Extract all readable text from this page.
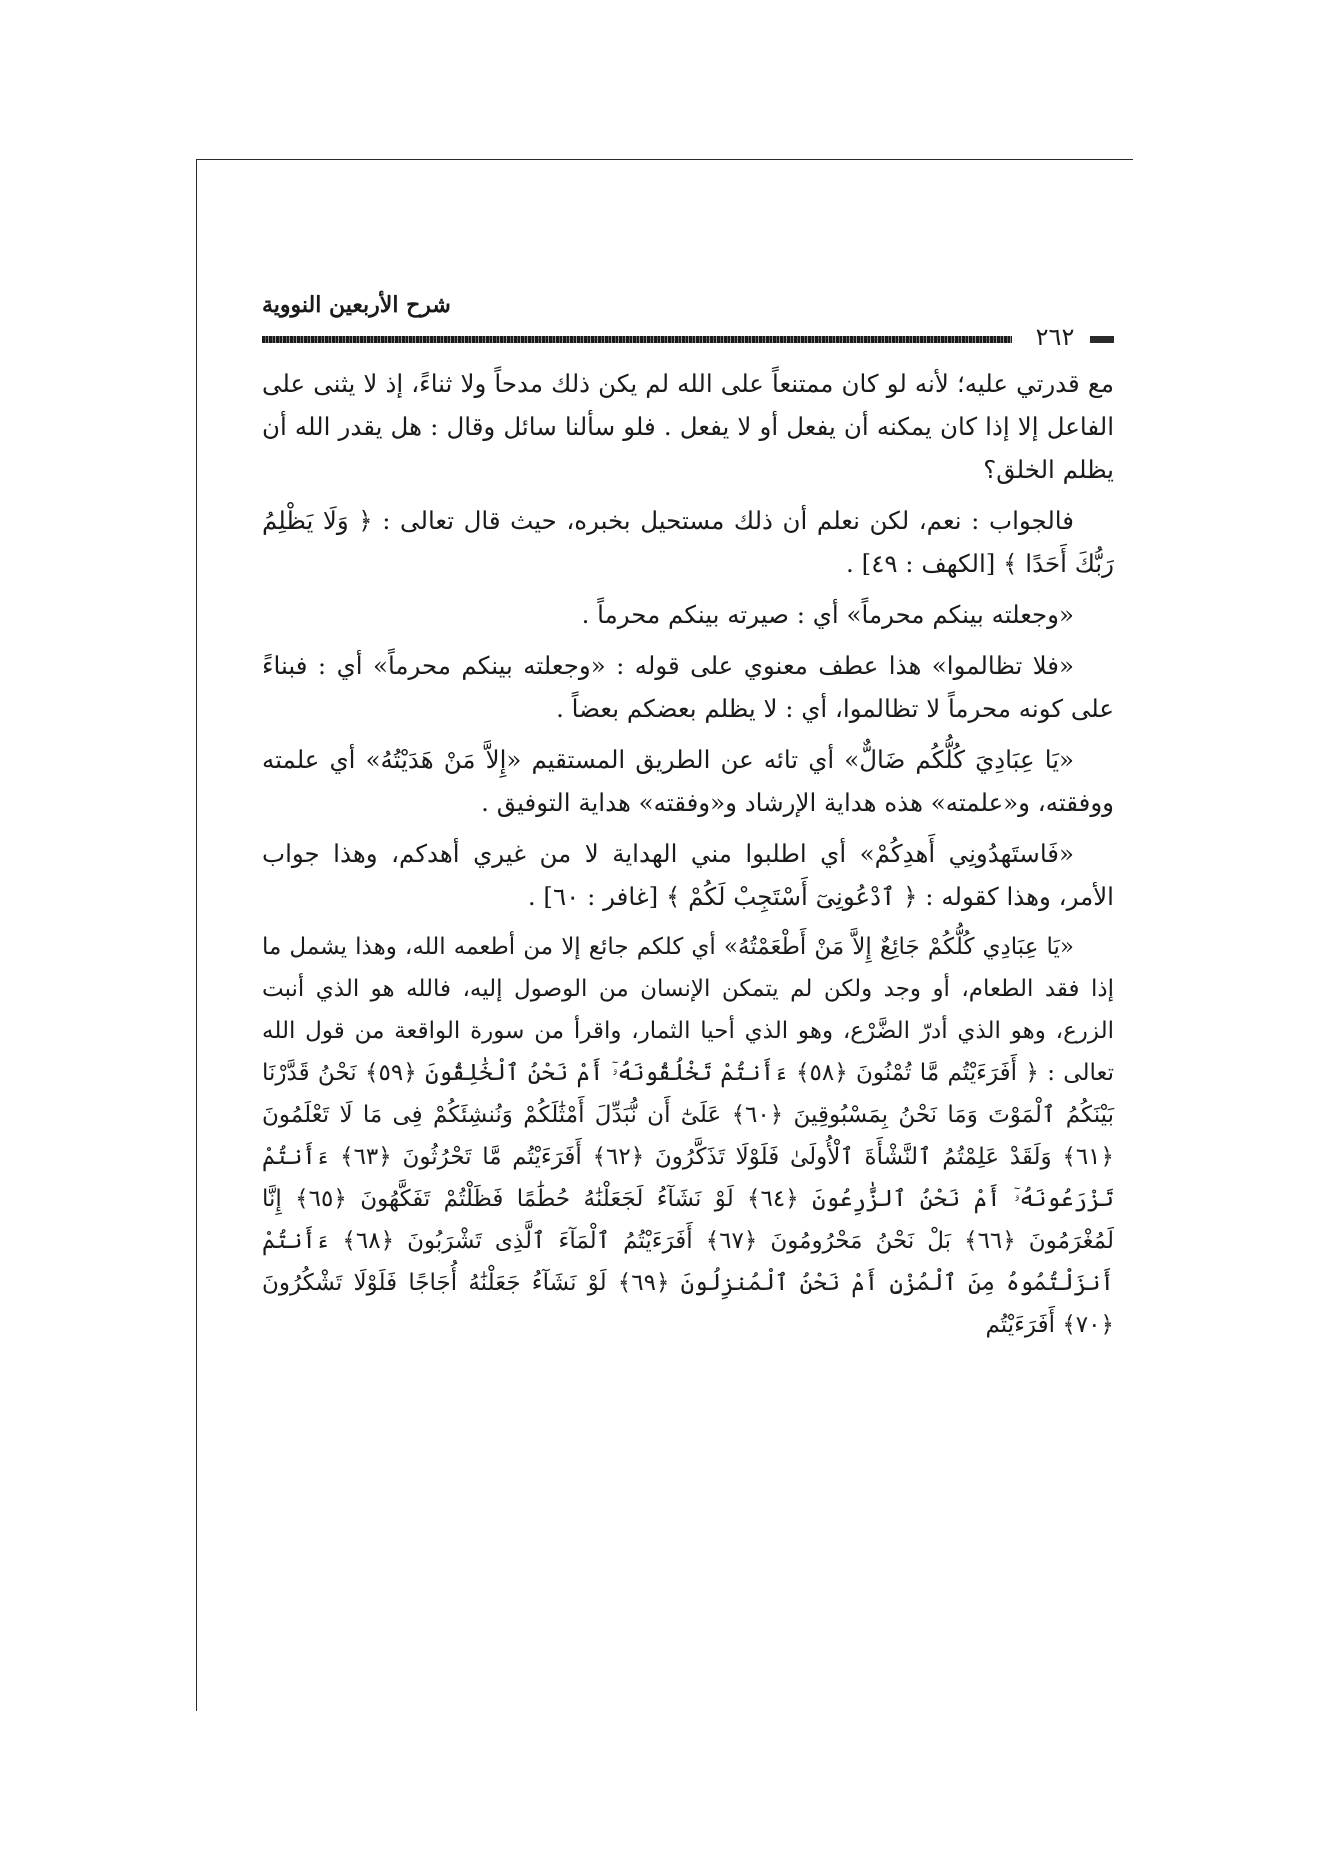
شرح الأربعين النووية
٢٦٢

مع قدرتي عليه؛ لأنه لو كان ممتنعاً على الله لم يكن ذلك مدحاً ولا ثناءً، إذ لا يثنى على الفاعل إلا إذا كان يمكنه أن يفعل أو لا يفعل . فلو سألنا سائل وقال : هل يقدر الله أن يظلم الخلق؟

فالجواب : نعم، لكن نعلم أن ذلك مستحيل بخبره، حيث قال تعالى : ﴿ وَلَا يَظْلِمُ رَبُّكَ أَحَدًا ﴾ [الكهف : ٤٩] .

«وجعلته بينكم محرماً» أي : صيرته بينكم محرماً .

«فلا تظالموا» هذا عطف معنوي على قوله : «وجعلته بينكم محرماً» أي : فبناءً على كونه محرماً لا تظالموا، أي : لا يظلم بعضكم بعضاً .

«يَا عِبَادِيَ كُلُّكُم ضَالٌّ» أي تائه عن الطريق المستقيم «إِلاَّ مَنْ هَدَيْتُهُ» أي علمته ووفقته، و«علمته» هذه هداية الإرشاد و«وفقته» هداية التوفيق .

«فَاستَهدُونِي أَهدِكُمْ» أي اطلبوا مني الهداية لا من غيري أهدكم، وهذا جواب الأمر، وهذا كقوله : ﴿ ٱدْعُونِىٓ أَسْتَجِبْ لَكُمْ ﴾ [غافر : ٦٠] .

«يَا عِبَادِي كُلُّكُمْ جَائِعٌ إِلاَّ مَنْ أَطْعَمْتُهُ» أي كلكم جائع إلا من أطعمه الله، وهذا يشمل ما إذا فقد الطعام، أو وجد ولكن لم يتمكن الإنسان من الوصول إليه، فالله هو الذي أنبت الزرع، وهو الذي أدرّ الضَّرْع، وهو الذي أحيا الثمار، واقرأ من سورة الواقعة من قول الله تعالى : ﴿ أَفَرَءَيْتُم مَّا تُمْنُونَ ﴿٥٨﴾ ءَأَنتُمْ تَخْلُقُونَهُۥٓ أَمْ نَحْنُ ٱلْخَٰلِقُونَ ﴿٥٩﴾ نَحْنُ قَدَّرْنَا بَيْنَكُمُ ٱلْمَوْتَ وَمَا نَحْنُ بِمَسْبُوقِينَ ﴿٦٠﴾ عَلَىٰٓ أَن نُّبَدِّلَ أَمْثَٰلَكُمْ وَنُنشِئَكُمْ فِى مَا لَا تَعْلَمُونَ ﴿٦١﴾ وَلَقَدْ عَلِمْتُمُ ٱلنَّشْأَةَ ٱلْأُولَىٰ فَلَوْلَا تَذَكَّرُونَ ﴿٦٢﴾ أَفَرَءَيْتُم مَّا تَحْرُثُونَ ﴿٦٣﴾ ءَأَنتُمْ تَزْرَعُونَهُۥٓ أَمْ نَحْنُ ٱلزَّٰرِعُونَ ﴿٦٤﴾ لَوْ نَشَآءُ لَجَعَلْنَٰهُ حُطَٰمًا فَظَلْتُمْ تَفَكَّهُونَ ﴿٦٥﴾ إِنَّا لَمُغْرَمُونَ ﴿٦٦﴾ بَلْ نَحْنُ مَحْرُومُونَ ﴿٦٧﴾ أَفَرَءَيْتُمُ ٱلْمَآءَ ٱلَّذِى تَشْرَبُونَ ﴿٦٨﴾ ءَأَنتُمْ أَنزَلْتُمُوهُ مِنَ ٱلْمُزْنِ أَمْ نَحْنُ ٱلْمُنزِلُونَ ﴿٦٩﴾ لَوْ نَشَآءُ جَعَلْنَٰهُ أُجَاجًا فَلَوْلَا تَشْكُرُونَ ﴿٧٠﴾ أَفَرَءَيْتُم
